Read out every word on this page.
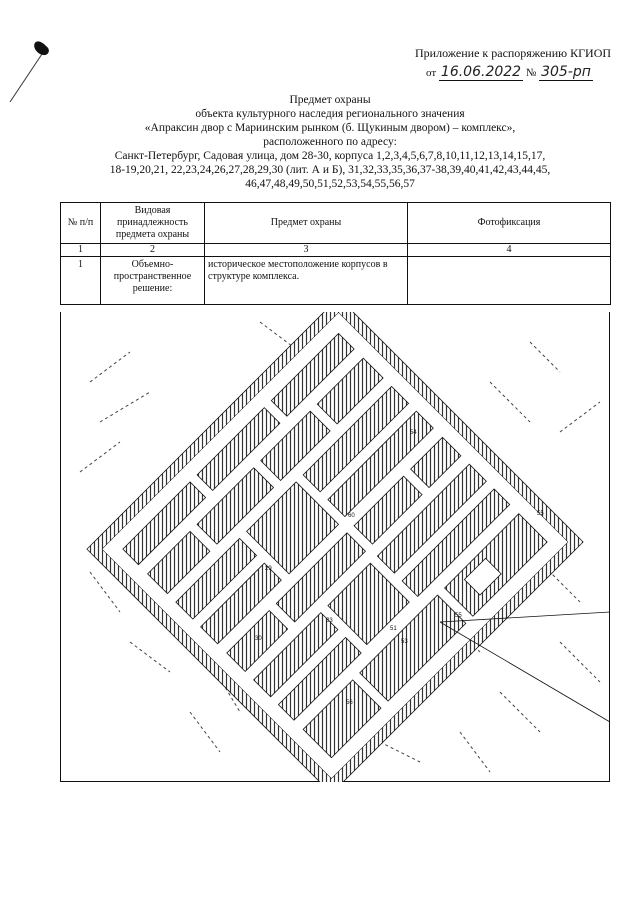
Приложение к распоряжению КГИОП
от 16.06.2022 № 305-рп
Предмет охраны
объекта культурного наследия регионального значения
«Апраксин двор с Мариинским рынком (б. Щукиным двором) – комплекс»,
расположенного по адресу:
Санкт-Петербург, Садовая улица, дом 28-30, корпуса 1,2,3,4,5,6,7,8,10,11,12,13,14,15,17,
18-19,20,21, 22,23,24,26,27,28,29,30 (лит. А и Б), 31,32,33,35,36,37-38,39,40,41,42,43,44,45,
46,47,48,49,50,51,52,53,54,55,56,57
№ п/п	Видовая принадлежность предмета охраны	Предмет охраны	Фотофиксация
1	2	3	4
1	Объемно-пространственное решение:	историческое местоположение корпусов в структуре комплекса.	
54
55
60
33
30
51
53
55
29
56
